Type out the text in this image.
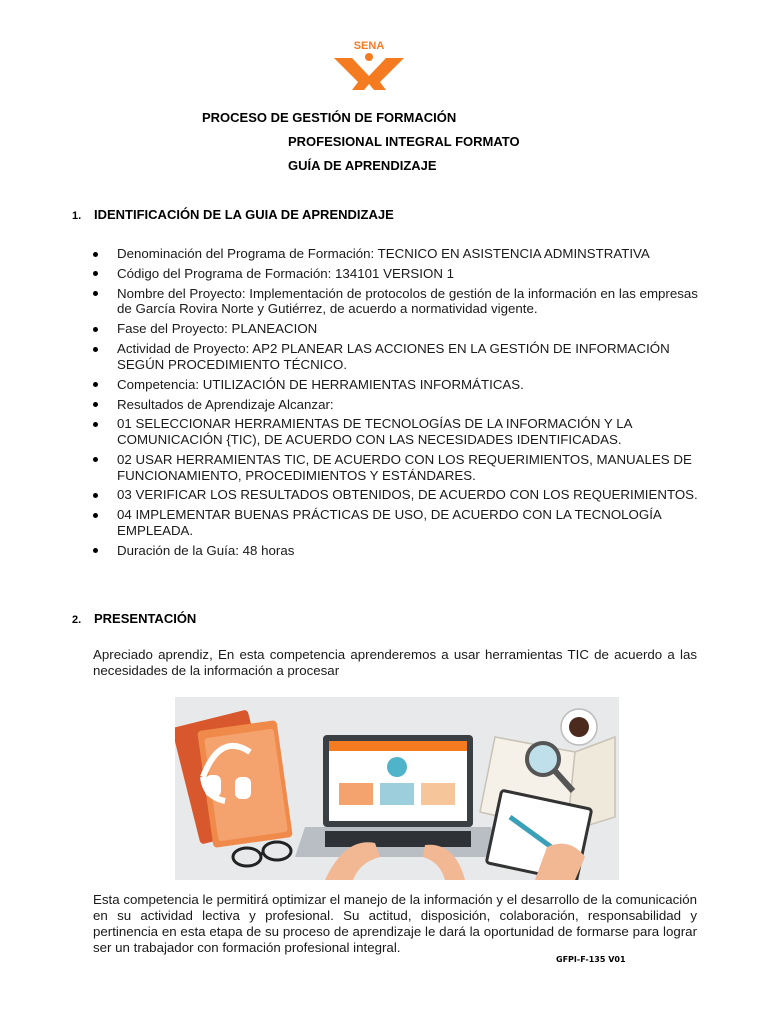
SENA
PROCESO DE GESTIÓN DE FORMACIÓN
PROFESIONAL INTEGRAL FORMATO
GUÍA DE APRENDIZAJE
1. IDENTIFICACIÓN DE LA GUIA DE APRENDIZAJE
Denominación del Programa de Formación: TECNICO EN ASISTENCIA ADMINSTRATIVA
Código del Programa de Formación: 134101 VERSION 1
Nombre del Proyecto: Implementación de protocolos de gestión de la información en las empresas de García Rovira Norte y Gutiérrez, de acuerdo a normatividad vigente.
Fase del Proyecto: PLANEACION
Actividad de Proyecto: AP2 PLANEAR LAS ACCIONES EN LA GESTIÓN DE INFORMACIÓN SEGÚN PROCEDIMIENTO TÉCNICO.
Competencia: UTILIZACIÓN DE HERRAMIENTAS INFORMÁTICAS.
Resultados de Aprendizaje Alcanzar:
01 SELECCIONAR HERRAMIENTAS DE TECNOLOGÍAS DE LA INFORMACIÓN Y LA COMUNICACIÓN {TIC), DE ACUERDO CON LAS NECESIDADES IDENTIFICADAS.
02 USAR HERRAMIENTAS TIC, DE ACUERDO CON LOS REQUERIMIENTOS, MANUALES DE FUNCIONAMIENTO, PROCEDIMIENTOS Y ESTÁNDARES.
03 VERIFICAR LOS RESULTADOS OBTENIDOS, DE ACUERDO CON LOS REQUERIMIENTOS.
04 IMPLEMENTAR BUENAS PRÁCTICAS DE USO, DE ACUERDO CON LA TECNOLOGÍA EMPLEADA.
Duración de la Guía: 48 horas
2. PRESENTACIÓN
Apreciado aprendiz, En esta competencia aprenderemos a usar herramientas TIC de acuerdo a las necesidades de la información a procesar
Esta competencia le permitirá optimizar el manejo de la información y el desarrollo de la comunicación en su actividad lectiva y profesional. Su actitud, disposición, colaboración, responsabilidad y pertinencia en esta etapa de su proceso de aprendizaje le dará la oportunidad de formarse para lograr ser un trabajador con formación profesional integral.
GFPI-F-135 V01
